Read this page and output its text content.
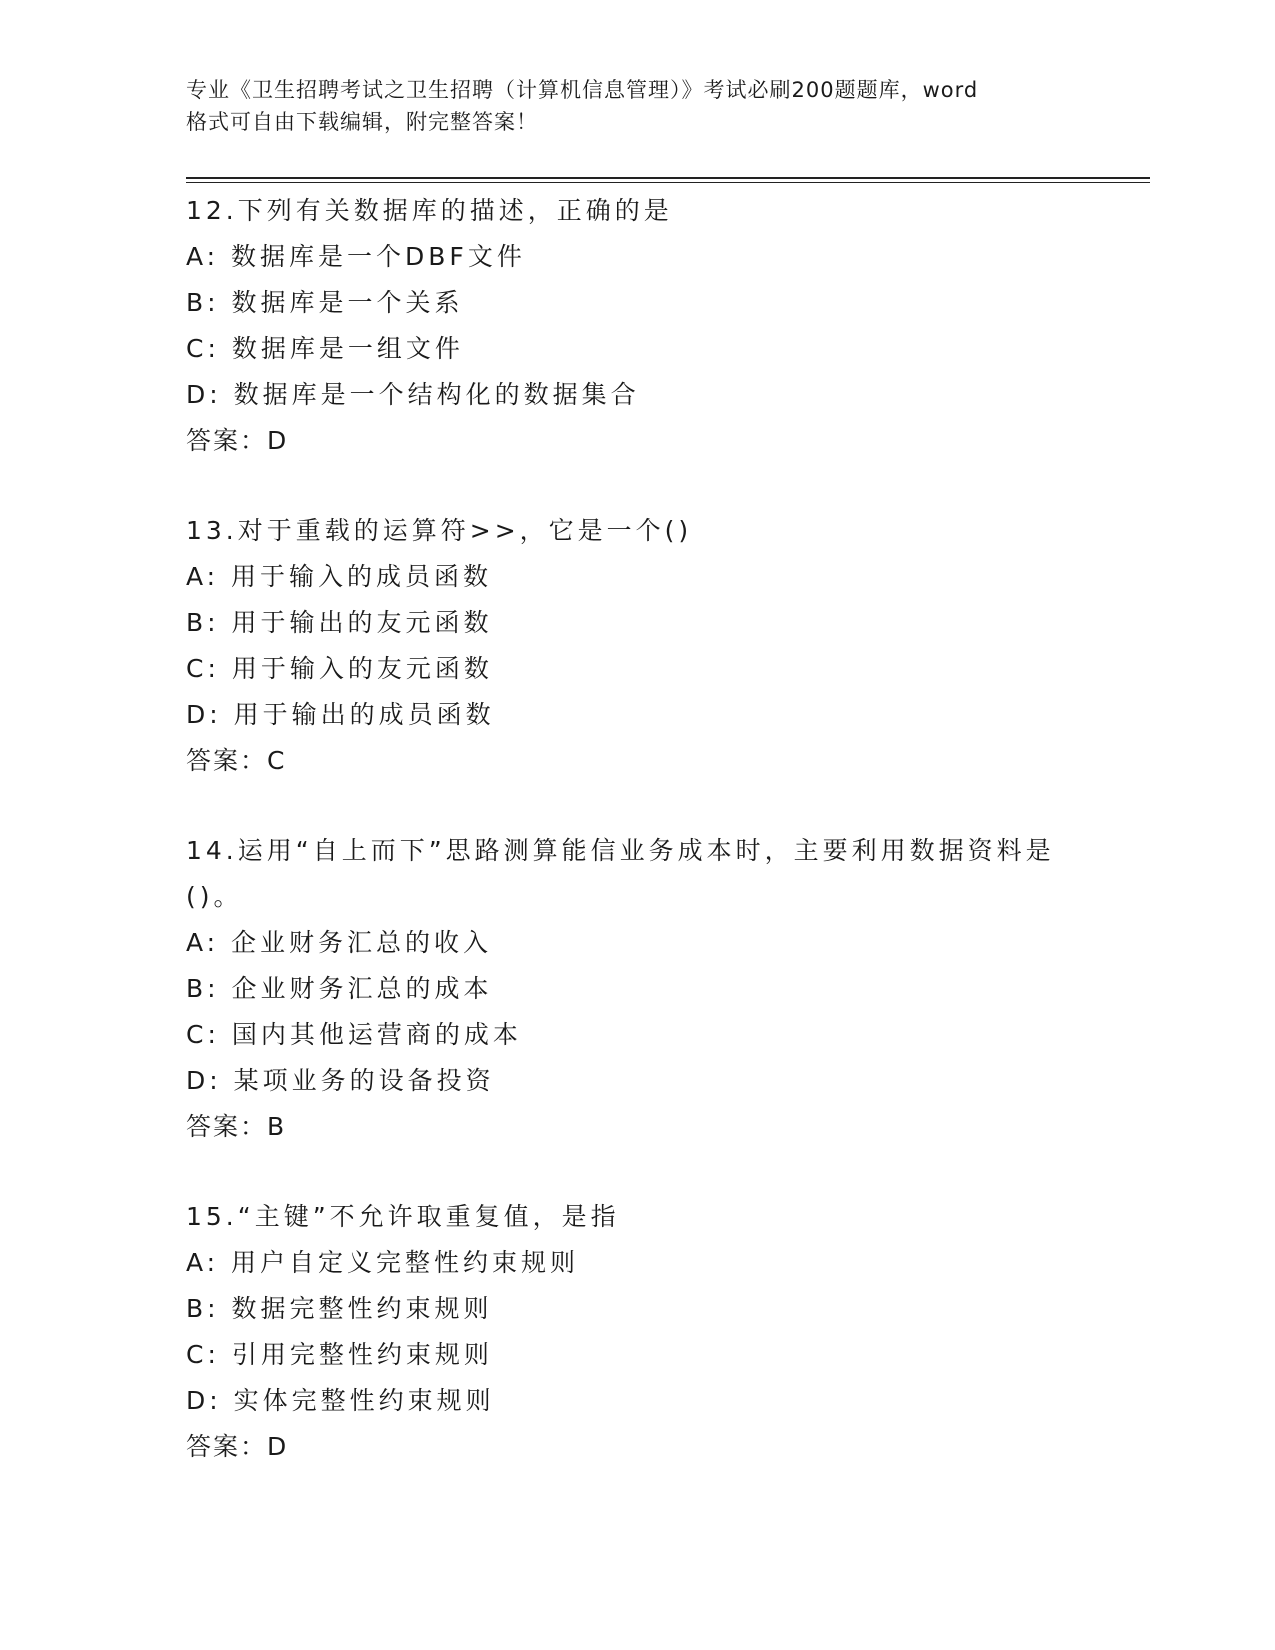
专业《卫生招聘考试之卫生招聘（计算机信息管理）》考试必刷200题题库，word
格式可自由下载编辑，附完整答案！
12.下列有关数据库的描述，正确的是
A: 数据库是一个DBF文件
B: 数据库是一个关系
C: 数据库是一组文件
D: 数据库是一个结构化的数据集合
答案：D
13.对于重载的运算符>>，它是一个()
A: 用于输入的成员函数
B: 用于输出的友元函数
C: 用于输入的友元函数
D: 用于输出的成员函数
答案：C
14.运用“自上而下”思路测算能信业务成本时，主要利用数据资料是()。
A: 企业财务汇总的收入
B: 企业财务汇总的成本
C: 国内其他运营商的成本
D: 某项业务的设备投资
答案：B
15.“主键”不允许取重复值，是指
A: 用户自定义完整性约束规则
B: 数据完整性约束规则
C: 引用完整性约束规则
D: 实体完整性约束规则
答案：D
